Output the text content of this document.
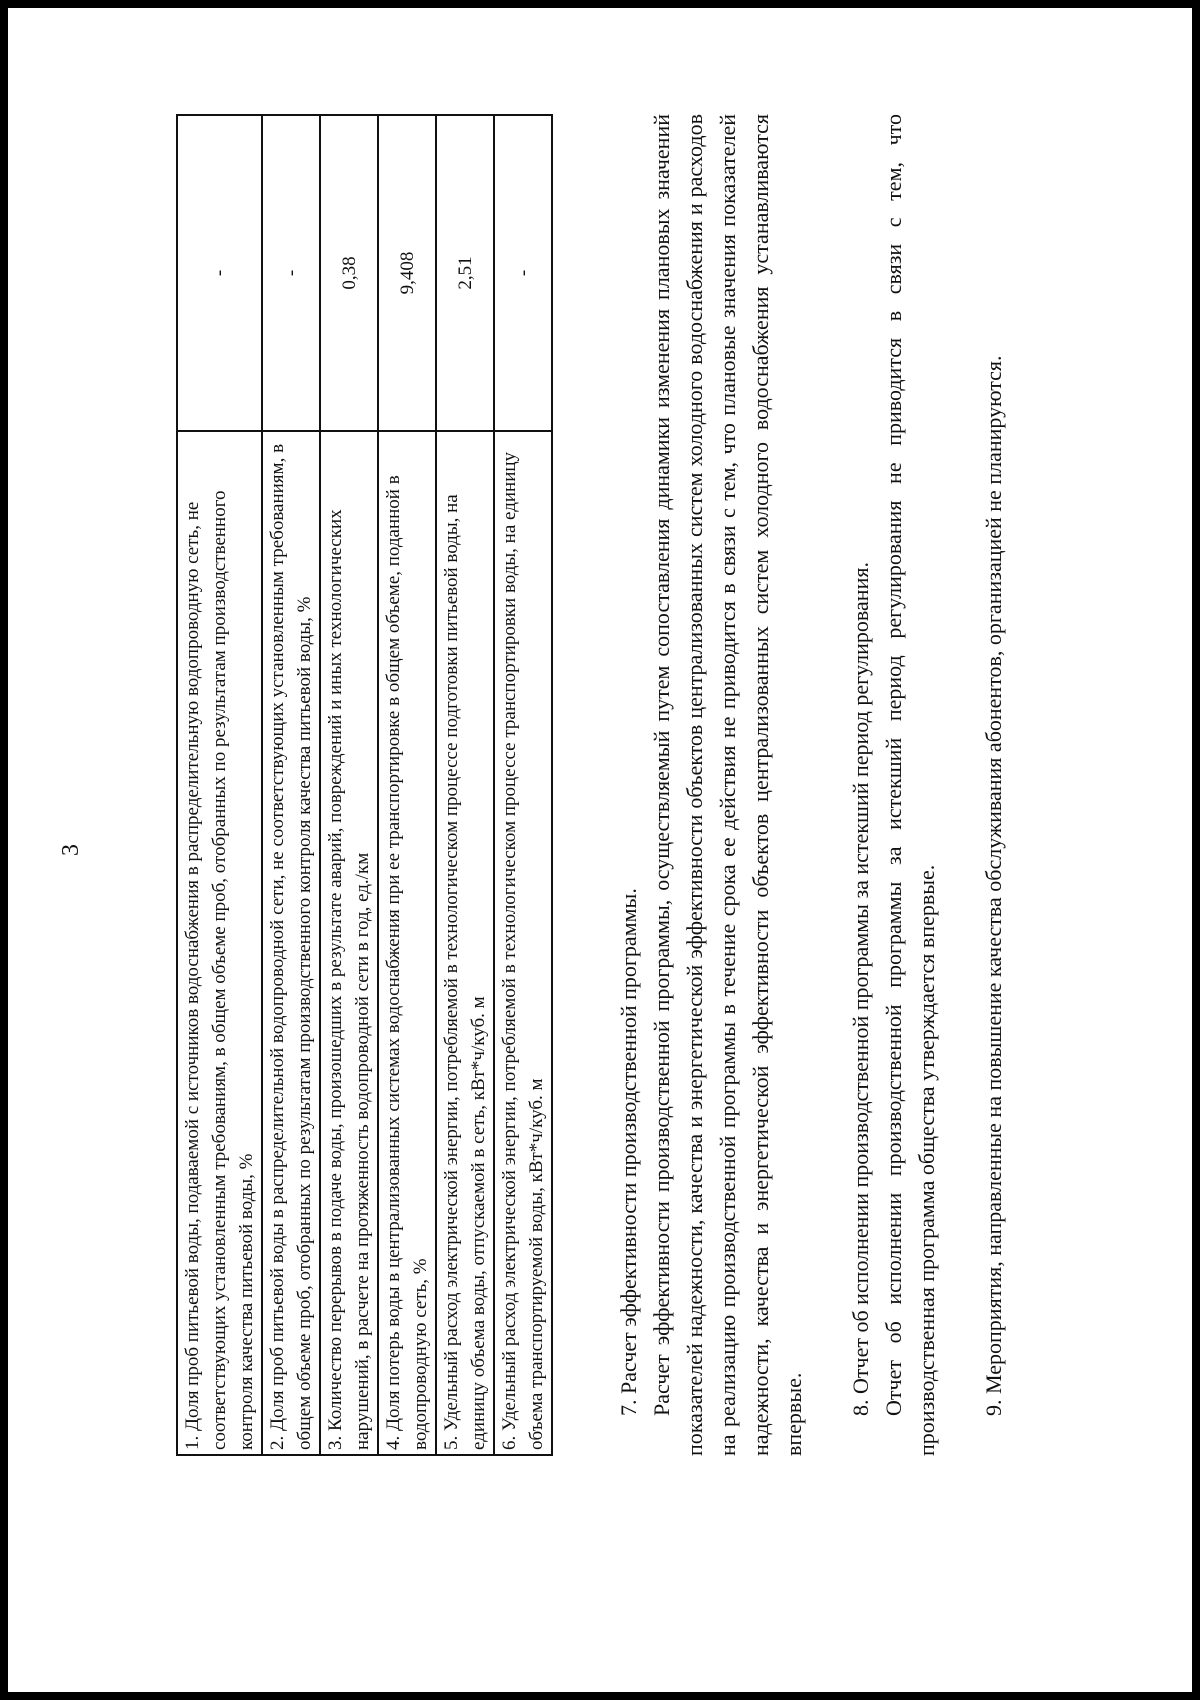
3	1. Доля проб питьевой воды, подаваемой с источников водоснабжения в распределительную водопроводную сеть, не соответствующих установленным требованиям, в общем объеме проб, отобранных по результатам производственного контроля качества питьевой воды, %	-
2. Доля проб питьевой воды в распределительной водопроводной сети, не соответствующих установленным требованиям, в общем объеме проб, отобранных по результатам производственного контроля качества питьевой воды, %	-
3. Количество перерывов в подаче воды, произошедших в результате аварий, повреждений и иных технологических нарушений, в расчете на протяженность водопроводной сети в год, ед./км	0,38
4. Доля потерь воды в централизованных системах водоснабжения при ее транспортировке в общем объеме, поданной в водопроводную сеть, %	9,408
5. Удельный расход электрической энергии, потребляемой в технологическом процессе подготовки питьевой воды, на единицу объема воды, отпускаемой в сеть, кВт*ч/куб. м	2,51
6. Удельный расход электрической энергии, потребляемой в технологическом процессе транспортировки воды, на единицу объема транспортируемой воды, кВт*ч/куб. м	-

7. Расчет эффективности производственной программы. Расчет эффективности производственной программы, осуществляемый путем сопоставления динамики изменения плановых значений показателей надежности, качества и энергетической эффективности объектов централизованных систем холодного водоснабжения и расходов на реализацию производственной программы в течение срока ее действия не приводится в связи с тем, что плановые значения показателей надежности, качества и энергетической эффективности объектов централизованных систем холодного водоснабжения устанавливаются впервые. 8. Отчет об исполнении производственной программы за истекший период регулирования. Отчет об исполнении производственной программы за истекший период регулирования не приводится в связи с тем, что производственная программа общества утверждается впервые. 9. Мероприятия, направленные на повышение качества обслуживания абонентов, организацией не планируются.
